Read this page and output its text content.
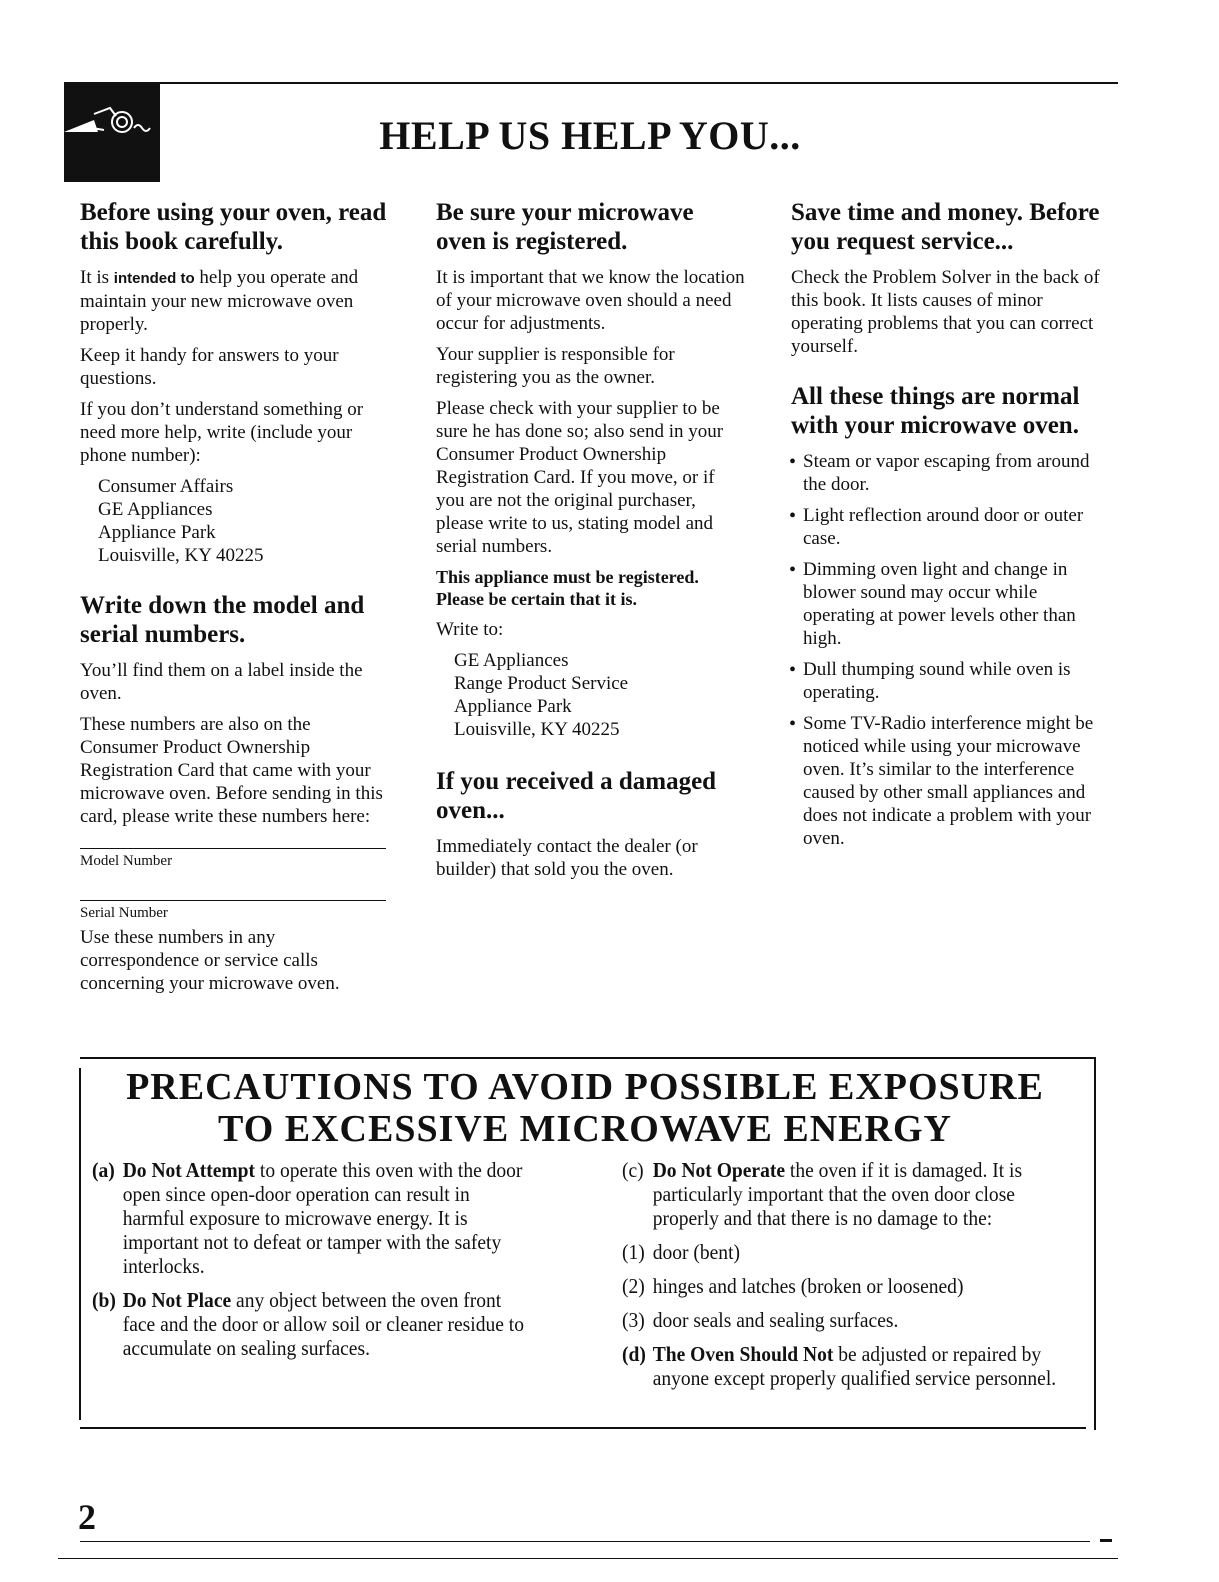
HELP US HELP YOU...
Before using your oven, read this book carefully.

It is intended to help you operate and maintain your new microwave oven properly.

Keep it handy for answers to your questions.

If you don’t understand something or need more help, write (include your phone number):

Consumer Affairs
GE Appliances
Appliance Park
Louisville, KY 40225
Write down the model and serial numbers.

You’ll find them on a label inside the oven.

These numbers are also on the Consumer Product Ownership Registration Card that came with your microwave oven. Before sending in this card, please write these numbers here:

Model Number
Serial Number

Use these numbers in any correspondence or service calls concerning your microwave oven.

Be sure your microwave oven is registered.

It is important that we know the location of your microwave oven should a need occur for adjustments.

Your supplier is responsible for registering you as the owner.

Please check with your supplier to be sure he has done so; also send in your Consumer Product Ownership Registration Card. If you move, or if you are not the original purchaser, please write to us, stating model and serial numbers.

This appliance must be registered. Please be certain that it is.

Write to:

GE Appliances
Range Product Service
Appliance Park
Louisville, KY 40225
If you received a damaged oven...

Immediately contact the dealer (or builder) that sold you the oven.

Save time and money. Before you request service...

Check the Problem Solver in the back of this book. It lists causes of minor operating problems that you can correct yourself.

All these things are normal with your microwave oven.
• Steam or vapor escaping from around the door.
• Light reflection around door or outer case.
• Dimming oven light and change in blower sound may occur while operating at power levels other than high.
• Dull thumping sound while oven is operating.
• Some TV-Radio interference might be noticed while using your microwave oven. It’s similar to the interference caused by other small appliances and does not indicate a problem with your oven.
PRECAUTIONS TO AVOID POSSIBLE EXPOSURE
TO EXCESSIVE MICROWAVE ENERGY
(a) Do Not Attempt to operate this oven with the door open since open-door operation can result in harmful exposure to microwave energy. It is important not to defeat or tamper with the safety interlocks.
(b) Do Not Place any object between the oven front face and the door or allow soil or cleaner residue to accumulate on sealing surfaces.
(c) Do Not Operate the oven if it is damaged. It is particularly important that the oven door close properly and that there is no damage to the:
(1) door (bent)
(2) hinges and latches (broken or loosened)
(3) door seals and sealing surfaces.
(d) The Oven Should Not be adjusted or repaired by anyone except properly qualified service personnel.
2
